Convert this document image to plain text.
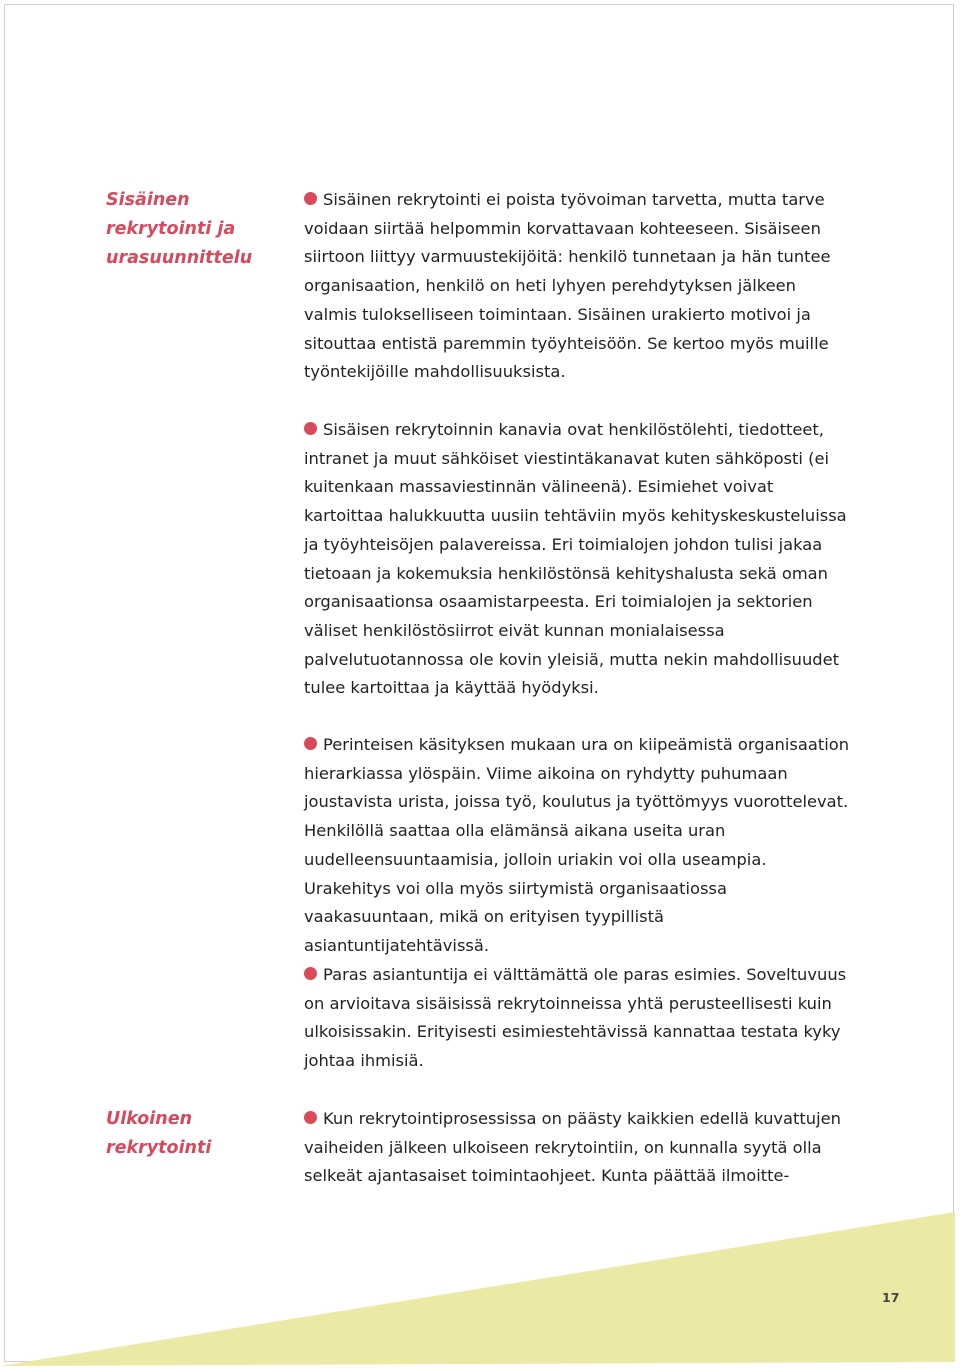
Sisäinen rekrytointi ja urasuunnittelu

Sisäinen rekrytointi ei poista työvoiman tarvetta, mutta tarve voidaan siirtää helpommin korvattavaan kohteeseen. Sisäiseen siirtoon liittyy varmuustekijöitä: henkilö tunnetaan ja hän tuntee organisaation, henkilö on heti lyhyen perehdytyksen jälkeen valmis tulokselliseen toimintaan. Sisäinen urakierto motivoi ja sitouttaa entistä paremmin työyhteisöön. Se kertoo myös muille työntekijöille mahdollisuuksista.

Sisäisen rekrytoinnin kanavia ovat henkilöstölehti, tiedotteet, intranet ja muut sähköiset viestintäkanavat kuten sähköposti (ei kuitenkaan massaviestinnän välineenä). Esimiehet voivat kartoittaa halukkuutta uusiin tehtäviin myös kehityskeskusteluissa ja työyhteisöjen palavereissa. Eri toimialojen johdon tulisi jakaa tietoaan ja kokemuksia henkilöstönsä kehityshalusta sekä oman organisaationsa osaamistarpeesta. Eri toimialojen ja sektorien väliset henkilöstösiirrot eivät kunnan monialaisessa palvelutuotannossa ole kovin yleisiä, mutta nekin mahdollisuudet tulee kartoittaa ja käyttää hyödyksi.

Perinteisen käsityksen mukaan ura on kiipeämistä organisaation hierarkiassa ylöspäin. Viime aikoina on ryhdytty puhumaan joustavista urista, joissa työ, koulutus ja työttömyys vuorottelevat. Henkilöllä saattaa olla elämänsä aikana useita uran uudelleensuuntaamisia, jolloin uriakin voi olla useampia. Urakehitys voi olla myös siirtymistä organisaatiossa vaakasuuntaan, mikä on erityisen tyypillistä asiantuntijatehtävissä.

Paras asiantuntija ei välttämättä ole paras esimies. Soveltuvuus on arvioitava sisäisissä rekrytoinneissa yhtä perusteellisesti kuin ulkoisissakin. Erityisesti esimiestehtävissä kannattaa testata kyky johtaa ihmisiä.

Ulkoinen rekrytointi

Kun rekrytointiprosessissa on päästy kaikkien edellä kuvattujen vaiheiden jälkeen ulkoiseen rekrytointiin, on kunnalla syytä olla selkeät ajantasaiset toimintaohjeet. Kunta päättää ilmoitte-

17
